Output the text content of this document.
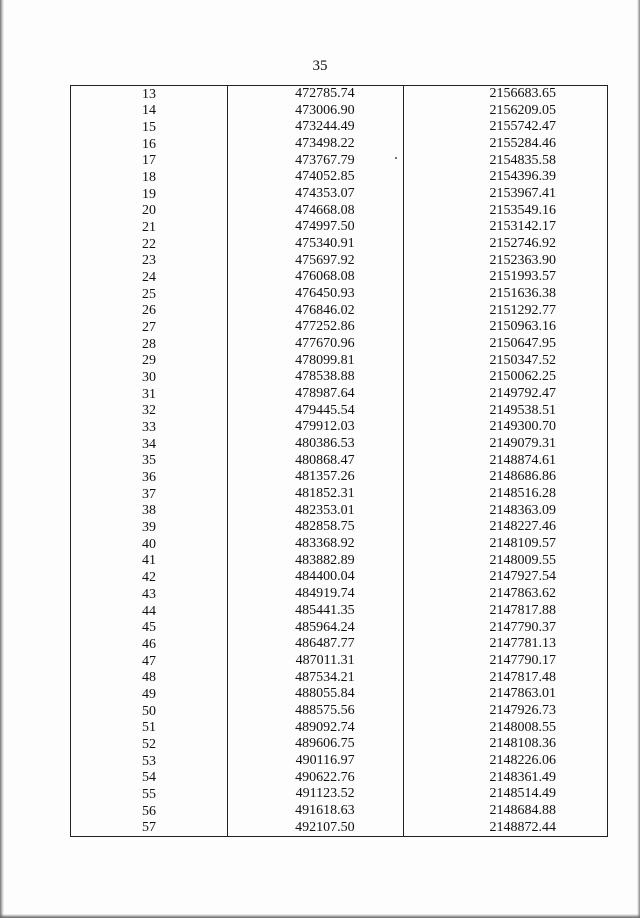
35
13	472785.74	2156683.65
14	473006.90	2156209.05
15	473244.49	2155742.47
16	473498.22	2155284.46
17	473767.79	2154835.58
18	474052.85	2154396.39
19	474353.07	2153967.41
20	474668.08	2153549.16
21	474997.50	2153142.17
22	475340.91	2152746.92
23	475697.92	2152363.90
24	476068.08	2151993.57
25	476450.93	2151636.38
26	476846.02	2151292.77
27	477252.86	2150963.16
28	477670.96	2150647.95
29	478099.81	2150347.52
30	478538.88	2150062.25
31	478987.64	2149792.47
32	479445.54	2149538.51
33	479912.03	2149300.70
34	480386.53	2149079.31
35	480868.47	2148874.61
36	481357.26	2148686.86
37	481852.31	2148516.28
38	482353.01	2148363.09
39	482858.75	2148227.46
40	483368.92	2148109.57
41	483882.89	2148009.55
42	484400.04	2147927.54
43	484919.74	2147863.62
44	485441.35	2147817.88
45	485964.24	2147790.37
46	486487.77	2147781.13
47	487011.31	2147790.17
48	487534.21	2147817.48
49	488055.84	2147863.01
50	488575.56	2147926.73
51	489092.74	2148008.55
52	489606.75	2148108.36
53	490116.97	2148226.06
54	490622.76	2148361.49
55	491123.52	2148514.49
56	491618.63	2148684.88
57	492107.50	2148872.44
